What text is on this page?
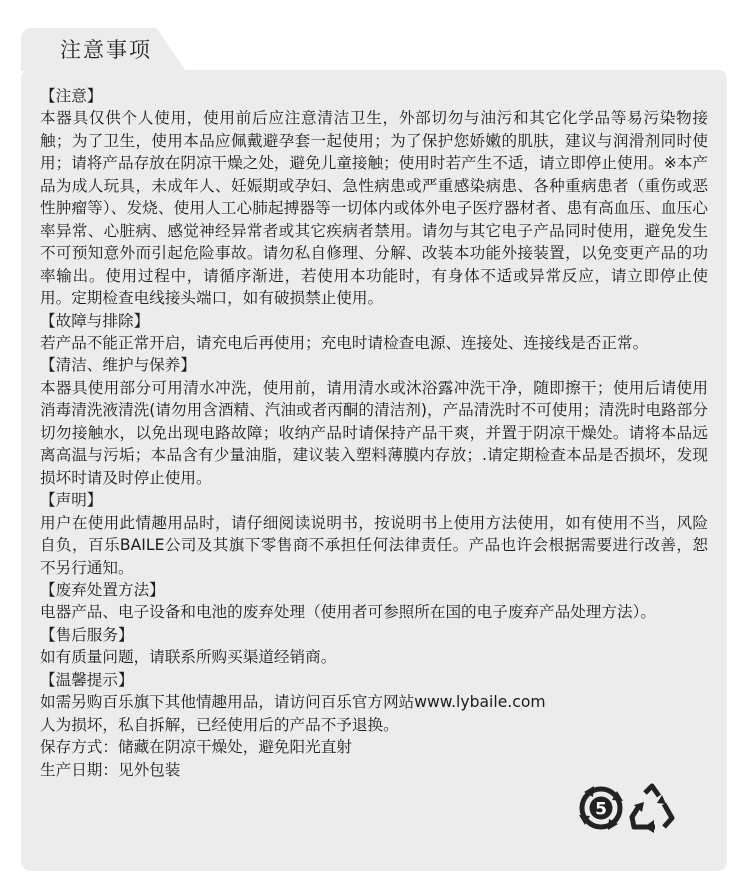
注意事项
【注意】
本器具仅供个人使用，使用前后应注意清洁卫生，外部切勿与油污和其它化学品等易污染物接触；为了卫生，使用本品应佩戴避孕套一起使用；为了保护您娇嫩的肌肤，建议与润滑剂同时使用；请将产品存放在阴凉干燥之处，避免儿童接触；使用时若产生不适，请立即停止使用。※本产品为成人玩具，未成年人、妊娠期或孕妇、急性病患或严重感染病患、各种重病患者（重伤或恶性肿瘤等）、发烧、使用人工心肺起搏器等一切体内或体外电子医疗器材者、患有高血压、血压心率异常、心脏病、感觉神经异常者或其它疾病者禁用。请勿与其它电子产品同时使用，避免发生不可预知意外而引起危险事故。请勿私自修理、分解、改装本功能外接装置，以免变更产品的功率输出。使用过程中，请循序渐进，若使用本功能时，有身体不适或异常反应，请立即停止使用。定期检查电线接头端口，如有破损禁止使用。
【故障与排除】
若产品不能正常开启，请充电后再使用；充电时请检查电源、连接处、连接线是否正常。
【清洁、维护与保养】
本器具使用部分可用清水冲洗，使用前，请用清水或沐浴露冲洗干净，随即擦干；使用后请使用消毒清洗液清洗(请勿用含酒精、汽油或者丙酮的清洁剂)，产品清洗时不可使用；清洗时电路部分切勿接触水，以免出现电路故障；收纳产品时请保持产品干爽，并置于阴凉干燥处。请将本品远离高温与污垢；本品含有少量油脂，建议装入塑料薄膜内存放；.请定期检查本品是否损坏，发现损坏时请及时停止使用。
【声明】
用户在使用此情趣用品时，请仔细阅读说明书，按说明书上使用方法使用，如有使用不当，风险自负，百乐BAILE公司及其旗下零售商不承担任何法律责任。产品也许会根据需要进行改善，恕不另行通知。
【废弃处置方法】
电器产品、电子设备和电池的废弃处理（使用者可参照所在国的电子废弃产品处理方法）。
【售后服务】
如有质量问题，请联系所购买渠道经销商。
【温馨提示】
如需另购百乐旗下其他情趣用品，请访问百乐官方网站www.lybaile.com
人为损坏，私自拆解，已经使用后的产品不予退换。
保存方式：储藏在阴凉干燥处，避免阳光直射
生产日期：见外包装
5
